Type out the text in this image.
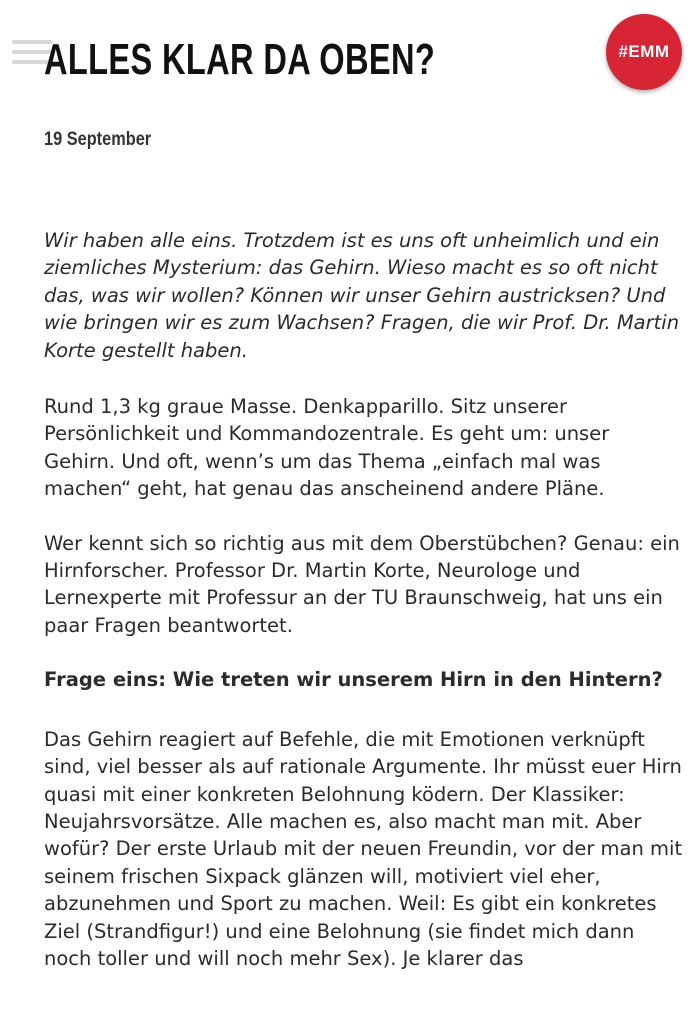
ALLES KLAR DA OBEN?	#EMM
19 September

Wir haben alle eins. Trotzdem ist es uns oft unheimlich und ein ziemliches Mysterium: das Gehirn. Wieso macht es so oft nicht das, was wir wollen? Können wir unser Gehirn austricksen? Und wie bringen wir es zum Wachsen? Fragen, die wir Prof. Dr. Martin Korte gestellt haben.

Rund 1,3 kg graue Masse. Denkapparillo. Sitz unserer Persönlichkeit und Kommandozentrale. Es geht um: unser Gehirn. Und oft, wenn’s um das Thema „einfach mal was machen“ geht, hat genau das anscheinend andere Pläne.

Wer kennt sich so richtig aus mit dem Oberstübchen? Genau: ein Hirnforscher. Professor Dr. Martin Korte, Neurologe und Lernexperte mit Professur an der TU Braunschweig, hat uns ein paar Fragen beantwortet.

Frage eins: Wie treten wir unserem Hirn in den Hintern?

Das Gehirn reagiert auf Befehle, die mit Emotionen verknüpft sind, viel besser als auf rationale Argumente. Ihr müsst euer Hirn quasi mit einer konkreten Belohnung ködern. Der Klassiker: Neujahrsvorsätze. Alle machen es, also macht man mit. Aber wofür? Der erste Urlaub mit der neuen Freundin, vor der man mit seinem frischen Sixpack glänzen will, motiviert viel eher, abzunehmen und Sport zu machen. Weil: Es gibt ein konkretes Ziel (Strandfigur!) und eine Belohnung (sie findet mich dann noch toller und will noch mehr Sex). Je klarer das
